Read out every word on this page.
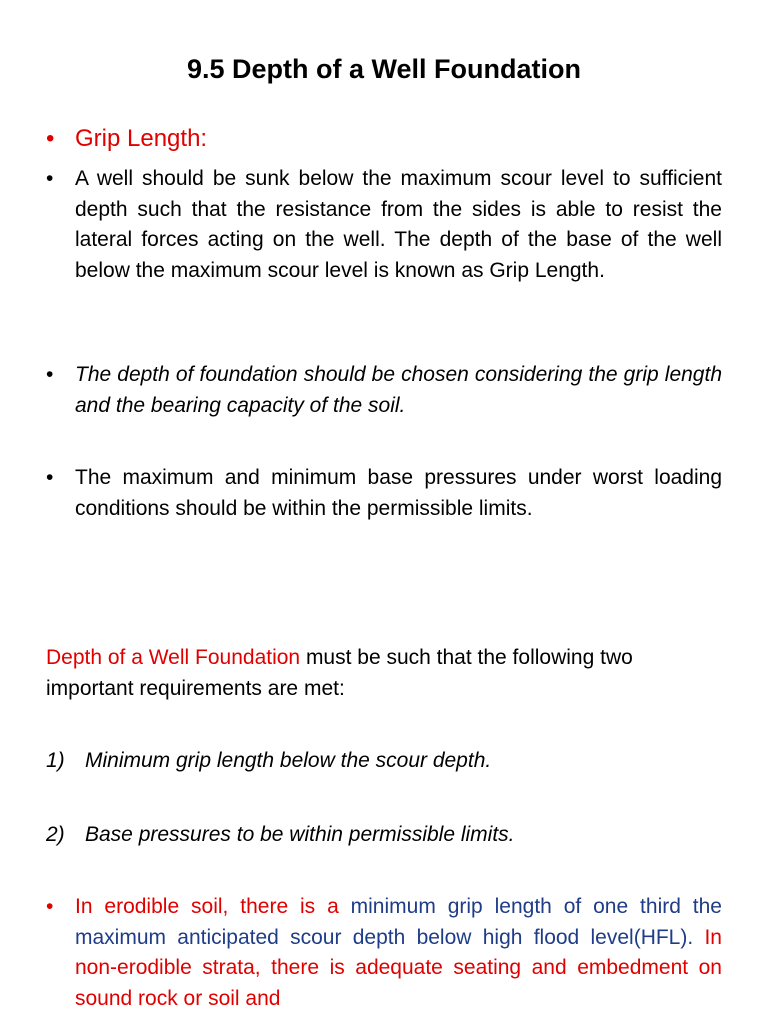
9.5 Depth of a Well Foundation
• Grip Length:
•	A well should be sunk below the maximum scour level to sufficient depth such that the resistance from the sides is able to resist the lateral forces acting on the well. The depth of the base of the well below the maximum scour level is known as Grip Length.
•	The depth of foundation should be chosen considering the grip length and the bearing capacity of the soil.
•	The maximum and minimum base pressures under worst loading conditions should be within the permissible limits.
Depth of a Well Foundation must be such that the following two important requirements are met:
1) Minimum grip length below the scour depth.
2) Base pressures to be within permissible limits.
•	In erodible soil, there is a minimum grip length of one third the maximum anticipated scour depth below high flood level(HFL). In non-erodible strata, there is adequate seating and embedment on sound rock or soil and
